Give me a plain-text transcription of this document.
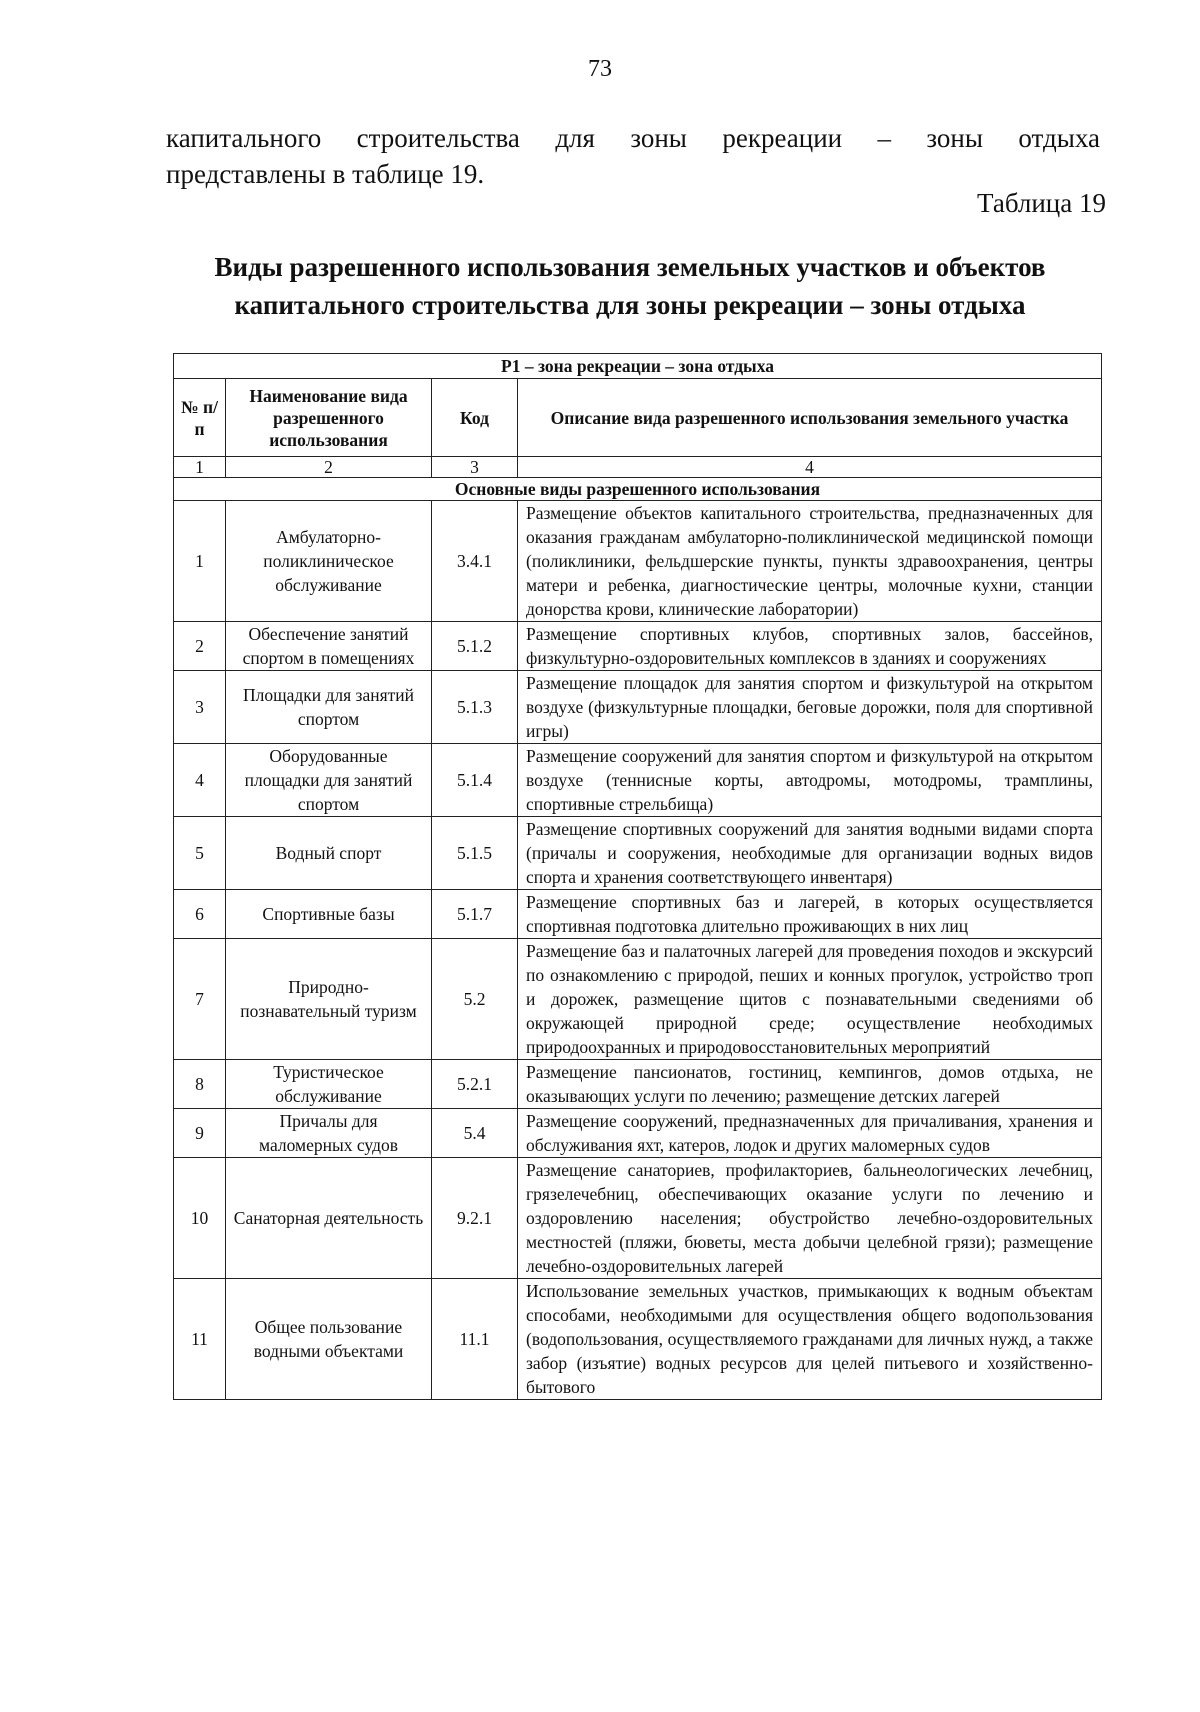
73
капитального строительства для зоны рекреации – зоны отдыха
представлены в таблице 19.
Таблица 19
Виды разрешенного использования земельных участков и объектов
капитального строительства для зоны рекреации – зоны отдыха
Р1 – зона рекреации – зона отдыха			
№ п/п	Наименование вида разрешенного использования	Код	Описание вида разрешенного использования земельного участка
1	2	3	4
Основные виды разрешенного использования			
1	Амбулаторно-поликлиническое обслуживание	3.4.1	Размещение объектов капитального строительства, предназначенных для оказания гражданам амбулаторно-поликлинической медицинской помощи (поликлиники, фельдшерские пункты, пункты здравоохранения, центры матери и ребенка, диагностические центры, молочные кухни, станции донорства крови, клинические лаборатории)
2	Обеспечение занятий спортом в помещениях	5.1.2	Размещение спортивных клубов, спортивных залов, бассейнов, физкультурно-оздоровительных комплексов в зданиях и сооружениях
3	Площадки для занятий спортом	5.1.3	Размещение площадок для занятия спортом и физкультурой на открытом воздухе (физкультурные площадки, беговые дорожки, поля для спортивной игры)
4	Оборудованные площадки для занятий спортом	5.1.4	Размещение сооружений для занятия спортом и физкультурой на открытом воздухе (теннисные корты, автодромы, мотодромы, трамплины, спортивные стрельбища)
5	Водный спорт	5.1.5	Размещение спортивных сооружений для занятия водными видами спорта (причалы и сооружения, необходимые для организации водных видов спорта и хранения соответствующего инвентаря)
6	Спортивные базы	5.1.7	Размещение спортивных баз и лагерей, в которых осуществляется спортивная подготовка длительно проживающих в них лиц
7	Природно-познавательный туризм	5.2	Размещение баз и палаточных лагерей для проведения походов и экскурсий по ознакомлению с природой, пеших и конных прогулок, устройство троп и дорожек, размещение щитов с познавательными сведениями об окружающей природной среде; осуществление необходимых природоохранных и природовосстановительных мероприятий
8	Туристическое обслуживание	5.2.1	Размещение пансионатов, гостиниц, кемпингов, домов отдыха, не оказывающих услуги по лечению; размещение детских лагерей
9	Причалы для маломерных судов	5.4	Размещение сооружений, предназначенных для причаливания, хранения и обслуживания яхт, катеров, лодок и других маломерных судов
10	Санаторная деятельность	9.2.1	Размещение санаториев, профилакториев, бальнеологических лечебниц, грязелечебниц, обеспечивающих оказание услуги по лечению и оздоровлению населения; обустройство лечебно-оздоровительных местностей (пляжи, бюветы, места добычи целебной грязи); размещение лечебно-оздоровительных лагерей
11	Общее пользование водными объектами	11.1	Использование земельных участков, примыкающих к водным объектам способами, необходимыми для осуществления общего водопользования (водопользования, осуществляемого гражданами для личных нужд, а также забор (изъятие) водных ресурсов для целей питьевого и хозяйственно-бытового
